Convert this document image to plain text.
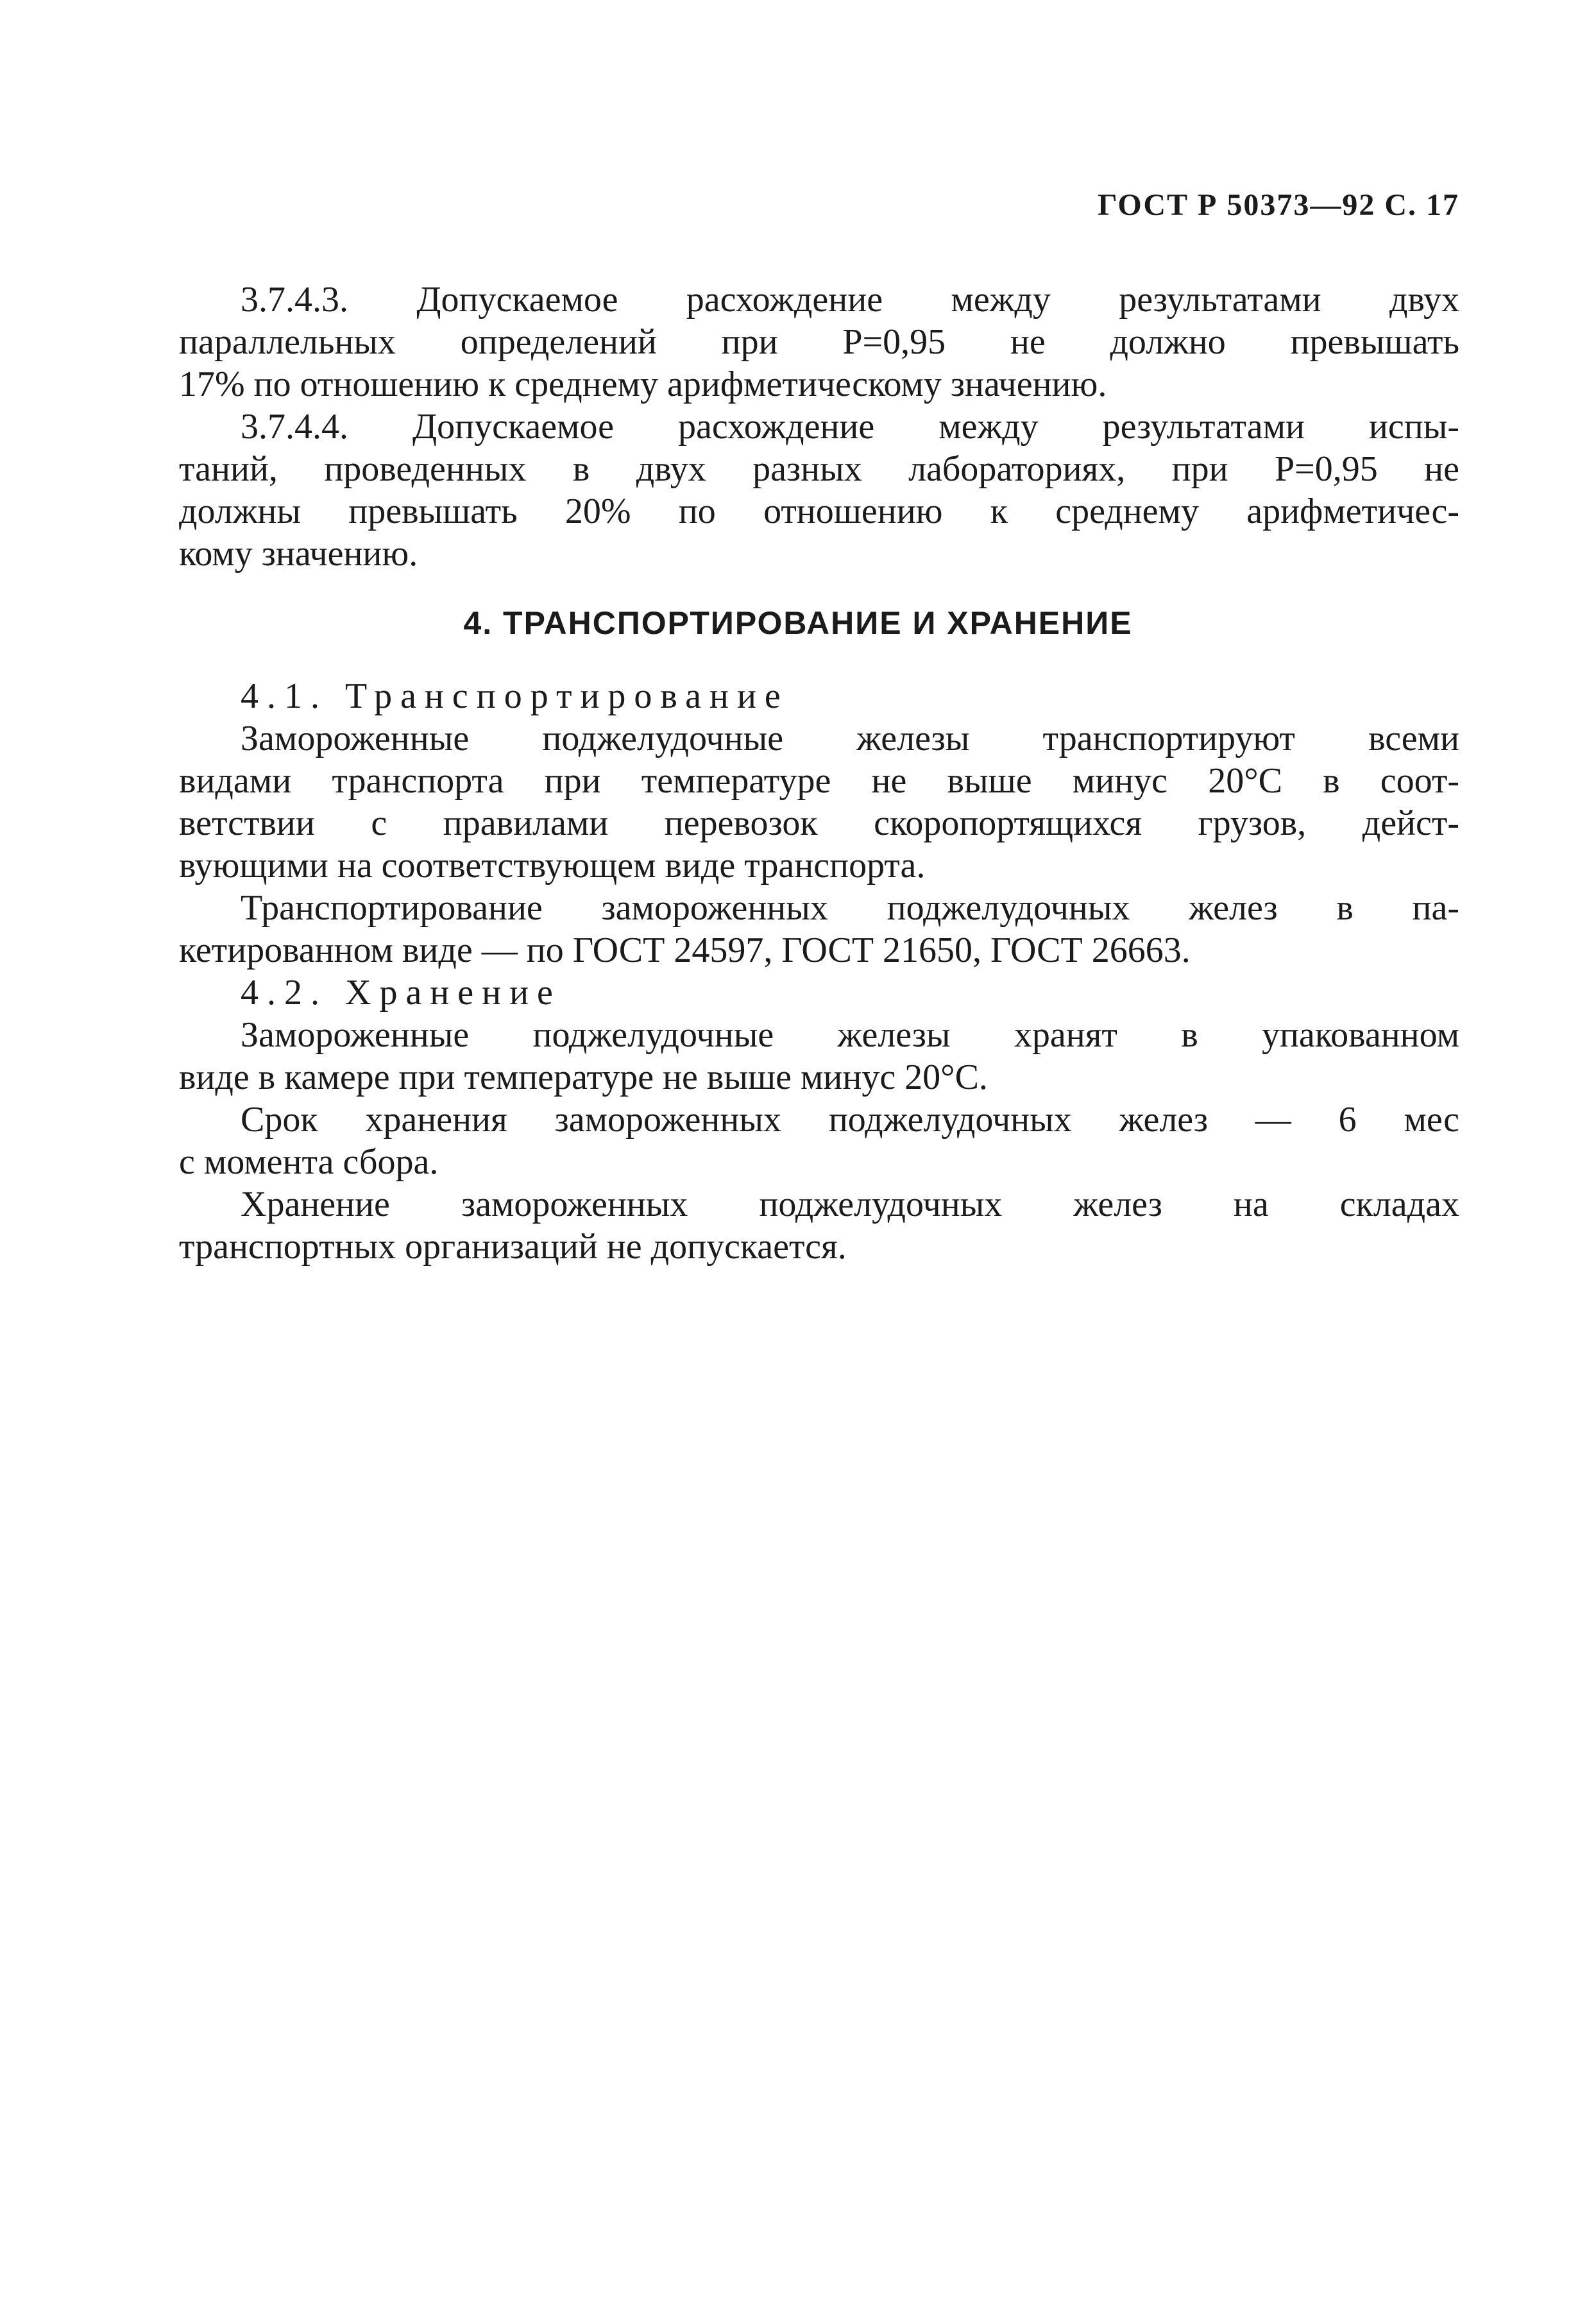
ГОСТ Р 50373—92 С. 17
3.7.4.3. Допускаемое расхождение между результатами двух
параллельных определений при Р=0,95 не должно превышать
17% по отношению к среднему арифметическому значению.
3.7.4.4. Допускаемое расхождение между результатами испы-
таний, проведенных в двух разных лабораториях, при Р=0,95 не
должны превышать 20% по отношению к среднему арифметичес-
кому значению.
4. ТРАНСПОРТИРОВАНИЕ И ХРАНЕНИЕ
4.1. Транспортирование
Замороженные поджелудочные железы транспортируют всеми
видами транспорта при температуре не выше минус 20°С в соот-
ветствии с правилами перевозок скоропортящихся грузов, дейст-
вующими на соответствующем виде транспорта.
Транспортирование замороженных поджелудочных желез в па-
кетированном виде — по ГОСТ 24597, ГОСТ 21650, ГОСТ 26663.
4.2. Хранение
Замороженные поджелудочные железы хранят в упакованном
виде в камере при температуре не выше минус 20°С.
Срок хранения замороженных поджелудочных желез — 6 мес
с момента сбора.
Хранение замороженных поджелудочных желез на складах
транспортных организаций не допускается.
